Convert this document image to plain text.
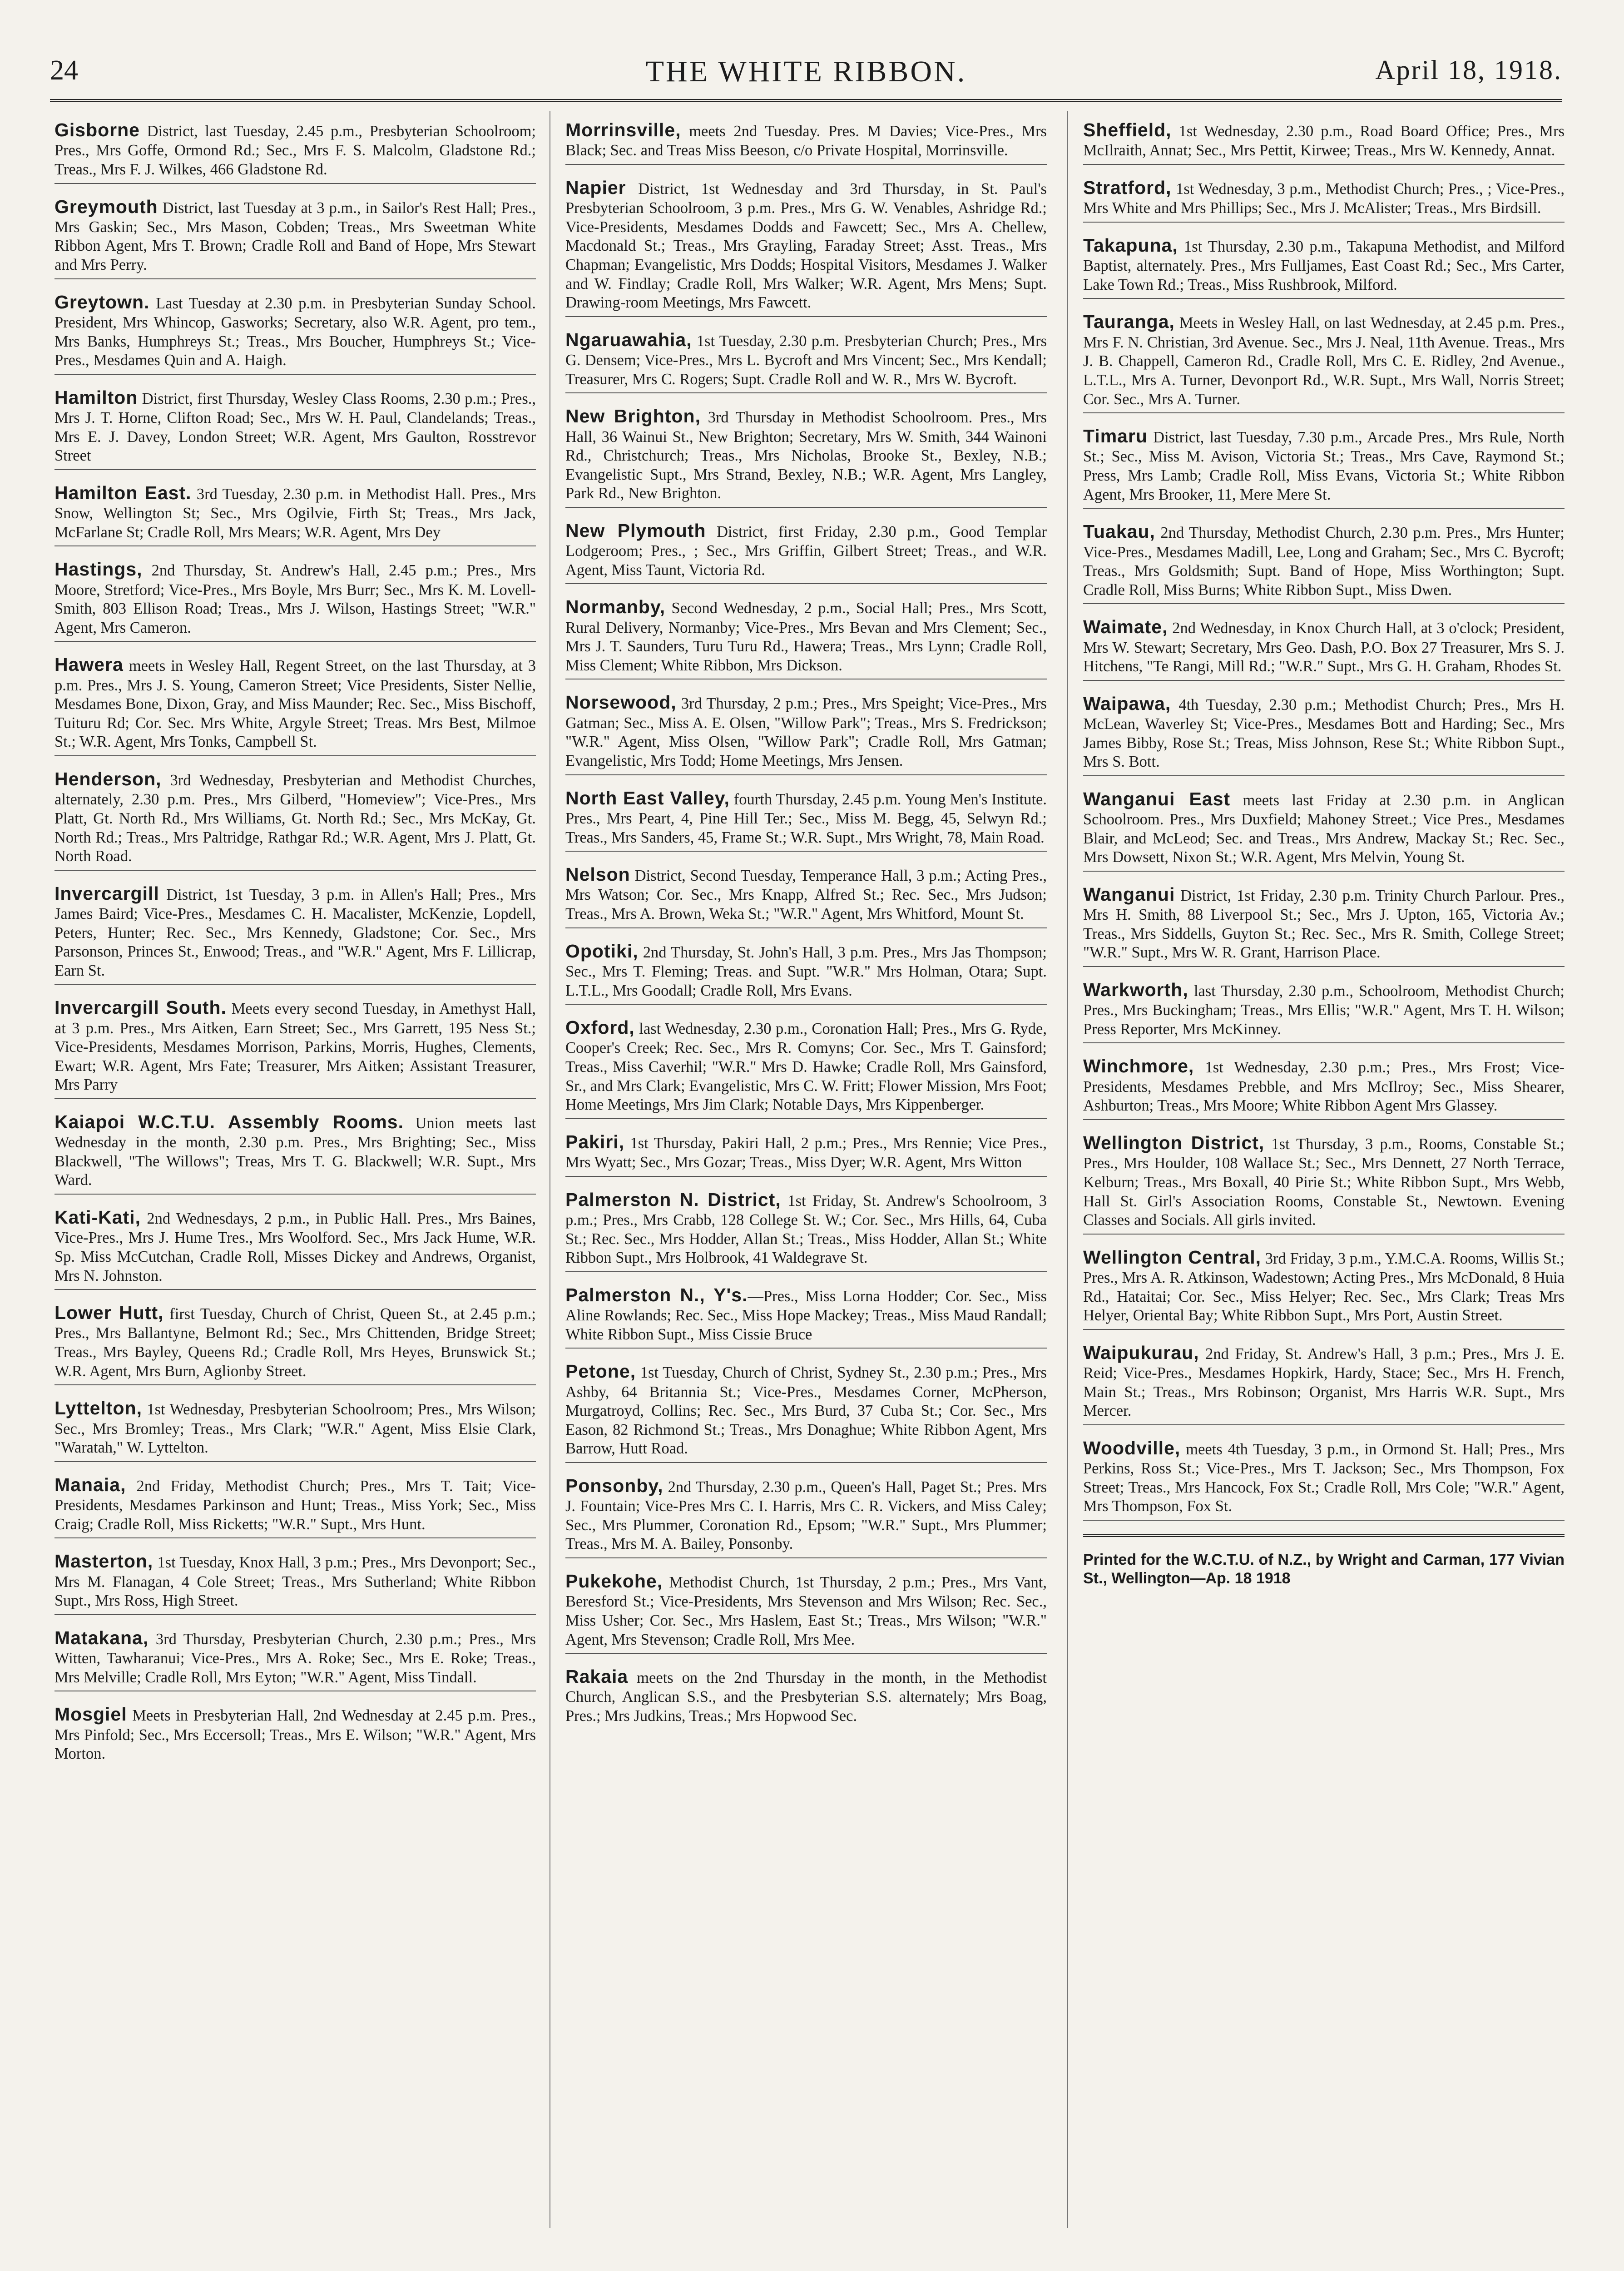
24	THE WHITE RIBBON.	April 18, 1918.
Gisborne District, last Tuesday, 2.45 p.m., Presbyterian Schoolroom; Pres., Mrs Goffe, Ormond Rd.; Sec., Mrs F. S. Malcolm, Gladstone Rd.; Treas., Mrs F. J. Wilkes, 466 Gladstone Rd.
Greymouth District, last Tuesday at 3 p.m., in Sailor's Rest Hall; Pres., Mrs Gaskin; Sec., Mrs Mason, Cobden; Treas., Mrs Sweetman White Ribbon Agent, Mrs T. Brown; Cradle Roll and Band of Hope, Mrs Stewart and Mrs Perry.
Greytown. Last Tuesday at 2.30 p.m. in Presbyterian Sunday School. President, Mrs Whincop, Gasworks; Secretary, also W.R. Agent, pro tem., Mrs Banks, Humphreys St.; Treas., Mrs Boucher, Humphreys St.; Vice-Pres., Mesdames Quin and A. Haigh.
Hamilton District, first Thursday, Wesley Class Rooms, 2.30 p.m.; Pres., Mrs J. T. Horne, Clifton Road; Sec., Mrs W. H. Paul, Clandelands; Treas., Mrs E. J. Davey, London Street; W.R. Agent, Mrs Gaulton, Rosstrevor Street
Hamilton East. 3rd Tuesday, 2.30 p.m. in Methodist Hall. Pres., Mrs Snow, Wellington St; Sec., Mrs Ogilvie, Firth St; Treas., Mrs Jack, McFarlane St; Cradle Roll, Mrs Mears; W.R. Agent, Mrs Dey
Hastings, 2nd Thursday, St. Andrew's Hall, 2.45 p.m.; Pres., Mrs Moore, Stretford; Vice-Pres., Mrs Boyle, Mrs Burr; Sec., Mrs K. M. Lovell-Smith, 803 Ellison Road; Treas., Mrs J. Wilson, Hastings Street; "W.R." Agent, Mrs Cameron.
Hawera meets in Wesley Hall, Regent Street, on the last Thursday, at 3 p.m. Pres., Mrs J. S. Young, Cameron Street; Vice Presidents, Sister Nellie, Mesdames Bone, Dixon, Gray, and Miss Maunder; Rec. Sec., Miss Bischoff, Tuituru Rd; Cor. Sec. Mrs White, Argyle Street; Treas. Mrs Best, Milmoe St.; W.R. Agent, Mrs Tonks, Campbell St.
Henderson, 3rd Wednesday, Presbyterian and Methodist Churches, alternately, 2.30 p.m. Pres., Mrs Gilberd, "Homeview"; Vice-Pres., Mrs Platt, Gt. North Rd., Mrs Williams, Gt. North Rd.; Sec., Mrs McKay, Gt. North Rd.; Treas., Mrs Paltridge, Rathgar Rd.; W.R. Agent, Mrs J. Platt, Gt. North Road.
Invercargill District, 1st Tuesday, 3 p.m. in Allen's Hall; Pres., Mrs James Baird; Vice-Pres., Mesdames C. H. Macalister, McKenzie, Lopdell, Peters, Hunter; Rec. Sec., Mrs Kennedy, Gladstone; Cor. Sec., Mrs Parsonson, Princes St., Enwood; Treas., and "W.R." Agent, Mrs F. Lillicrap, Earn St.
Invercargill South. Meets every second Tuesday, in Amethyst Hall, at 3 p.m. Pres., Mrs Aitken, Earn Street; Sec., Mrs Garrett, 195 Ness St.; Vice-Presidents, Mesdames Morrison, Parkins, Morris, Hughes, Clements, Ewart; W.R. Agent, Mrs Fate; Treasurer, Mrs Aitken; Assistant Treasurer, Mrs Parry
Kaiapoi W.C.T.U. Assembly Rooms. Union meets last Wednesday in the month, 2.30 p.m. Pres., Mrs Brighting; Sec., Miss Blackwell, "The Willows"; Treas, Mrs T. G. Blackwell; W.R. Supt., Mrs Ward.
Kati-Kati, 2nd Wednesdays, 2 p.m., in Public Hall. Pres., Mrs Baines, Vice-Pres., Mrs J. Hume Tres., Mrs Woolford. Sec., Mrs Jack Hume, W.R. Sp. Miss McCutchan, Cradle Roll, Misses Dickey and Andrews, Organist, Mrs N. Johnston.
Lower Hutt, first Tuesday, Church of Christ, Queen St., at 2.45 p.m.; Pres., Mrs Ballantyne, Belmont Rd.; Sec., Mrs Chittenden, Bridge Street; Treas., Mrs Bayley, Queens Rd.; Cradle Roll, Mrs Heyes, Brunswick St.; W.R. Agent, Mrs Burn, Aglionby Street.
Lyttelton, 1st Wednesday, Presbyterian Schoolroom; Pres., Mrs Wilson; Sec., Mrs Bromley; Treas., Mrs Clark; "W.R." Agent, Miss Elsie Clark, "Waratah," W. Lyttelton.
Manaia, 2nd Friday, Methodist Church; Pres., Mrs T. Tait; Vice-Presidents, Mesdames Parkinson and Hunt; Treas., Miss York; Sec., Miss Craig; Cradle Roll, Miss Ricketts; "W.R." Supt., Mrs Hunt.
Masterton, 1st Tuesday, Knox Hall, 3 p.m.; Pres., Mrs Devonport; Sec., Mrs M. Flanagan, 4 Cole Street; Treas., Mrs Sutherland; White Ribbon Supt., Mrs Ross, High Street.
Matakana, 3rd Thursday, Presbyterian Church, 2.30 p.m.; Pres., Mrs Witten, Tawharanui; Vice-Pres., Mrs A. Roke; Sec., Mrs E. Roke; Treas., Mrs Melville; Cradle Roll, Mrs Eyton; "W.R." Agent, Miss Tindall.
Mosgiel Meets in Presbyterian Hall, 2nd Wednesday at 2.45 p.m. Pres., Mrs Pinfold; Sec., Mrs Eccersoll; Treas., Mrs E. Wilson; "W.R." Agent, Mrs Morton.
Morrinsville, meets 2nd Tuesday. Pres. M Davies; Vice-Pres., Mrs Black; Sec. and Treas Miss Beeson, c/o Private Hospital, Morrinsville.
Napier District, 1st Wednesday and 3rd Thursday, in St. Paul's Presbyterian Schoolroom, 3 p.m. Pres., Mrs G. W. Venables, Ashridge Rd.; Vice-Presidents, Mesdames Dodds and Fawcett; Sec., Mrs A. Chellew, Macdonald St.; Treas., Mrs Grayling, Faraday Street; Asst. Treas., Mrs Chapman; Evangelistic, Mrs Dodds; Hospital Visitors, Mesdames J. Walker and W. Findlay; Cradle Roll, Mrs Walker; W.R. Agent, Mrs Mens; Supt. Drawing-room Meetings, Mrs Fawcett.
Ngaruawahia, 1st Tuesday, 2.30 p.m. Presbyterian Church; Pres., Mrs G. Densem; Vice-Pres., Mrs L. Bycroft and Mrs Vincent; Sec., Mrs Kendall; Treasurer, Mrs C. Rogers; Supt. Cradle Roll and W. R., Mrs W. Bycroft.
New Brighton, 3rd Thursday in Methodist Schoolroom. Pres., Mrs Hall, 36 Wainui St., New Brighton; Secretary, Mrs W. Smith, 344 Wainoni Rd., Christchurch; Treas., Mrs Nicholas, Brooke St., Bexley, N.B.; Evangelistic Supt., Mrs Strand, Bexley, N.B.; W.R. Agent, Mrs Langley, Park Rd., New Brighton.
New Plymouth District, first Friday, 2.30 p.m., Good Templar Lodgeroom; Pres., ; Sec., Mrs Griffin, Gilbert Street; Treas., and W.R. Agent, Miss Taunt, Victoria Rd.
Normanby, Second Wednesday, 2 p.m., Social Hall; Pres., Mrs Scott, Rural Delivery, Normanby; Vice-Pres., Mrs Bevan and Mrs Clement; Sec., Mrs J. T. Saunders, Turu Turu Rd., Hawera; Treas., Mrs Lynn; Cradle Roll, Miss Clement; White Ribbon, Mrs Dickson.
Norsewood, 3rd Thursday, 2 p.m.; Pres., Mrs Speight; Vice-Pres., Mrs Gatman; Sec., Miss A. E. Olsen, "Willow Park"; Treas., Mrs S. Fredrickson; "W.R." Agent, Miss Olsen, "Willow Park"; Cradle Roll, Mrs Gatman; Evangelistic, Mrs Todd; Home Meetings, Mrs Jensen.
North East Valley, fourth Thursday, 2.45 p.m. Young Men's Institute. Pres., Mrs Peart, 4, Pine Hill Ter.; Sec., Miss M. Begg, 45, Selwyn Rd.; Treas., Mrs Sanders, 45, Frame St.; W.R. Supt., Mrs Wright, 78, Main Road.
Nelson District, Second Tuesday, Temperance Hall, 3 p.m.; Acting Pres., Mrs Watson; Cor. Sec., Mrs Knapp, Alfred St.; Rec. Sec., Mrs Judson; Treas., Mrs A. Brown, Weka St.; "W.R." Agent, Mrs Whitford, Mount St.
Opotiki, 2nd Thursday, St. John's Hall, 3 p.m. Pres., Mrs Jas Thompson; Sec., Mrs T. Fleming; Treas. and Supt. "W.R." Mrs Holman, Otara; Supt. L.T.L., Mrs Goodall; Cradle Roll, Mrs Evans.
Oxford, last Wednesday, 2.30 p.m., Coronation Hall; Pres., Mrs G. Ryde, Cooper's Creek; Rec. Sec., Mrs R. Comyns; Cor. Sec., Mrs T. Gainsford; Treas., Miss Caverhil; "W.R." Mrs D. Hawke; Cradle Roll, Mrs Gainsford, Sr., and Mrs Clark; Evangelistic, Mrs C. W. Fritt; Flower Mission, Mrs Foot; Home Meetings, Mrs Jim Clark; Notable Days, Mrs Kippenberger.
Pakiri, 1st Thursday, Pakiri Hall, 2 p.m.; Pres., Mrs Rennie; Vice Pres., Mrs Wyatt; Sec., Mrs Gozar; Treas., Miss Dyer; W.R. Agent, Mrs Witton
Palmerston N. District, 1st Friday, St. Andrew's Schoolroom, 3 p.m.; Pres., Mrs Crabb, 128 College St. W.; Cor. Sec., Mrs Hills, 64, Cuba St.; Rec. Sec., Mrs Hodder, Allan St.; Treas., Miss Hodder, Allan St.; White Ribbon Supt., Mrs Holbrook, 41 Waldegrave St.
Palmerston N., Y's.—Pres., Miss Lorna Hodder; Cor. Sec., Miss Aline Rowlands; Rec. Sec., Miss Hope Mackey; Treas., Miss Maud Randall; White Ribbon Supt., Miss Cissie Bruce
Petone, 1st Tuesday, Church of Christ, Sydney St., 2.30 p.m.; Pres., Mrs Ashby, 64 Britannia St.; Vice-Pres., Mesdames Corner, McPherson, Murgatroyd, Collins; Rec. Sec., Mrs Burd, 37 Cuba St.; Cor. Sec., Mrs Eason, 82 Richmond St.; Treas., Mrs Donaghue; White Ribbon Agent, Mrs Barrow, Hutt Road.
Ponsonby, 2nd Thursday, 2.30 p.m., Queen's Hall, Paget St.; Pres. Mrs J. Fountain; Vice-Pres Mrs C. I. Harris, Mrs C. R. Vickers, and Miss Caley; Sec., Mrs Plummer, Coronation Rd., Epsom; "W.R." Supt., Mrs Plummer; Treas., Mrs M. A. Bailey, Ponsonby.
Pukekohe, Methodist Church, 1st Thursday, 2 p.m.; Pres., Mrs Vant, Beresford St.; Vice-Presidents, Mrs Stevenson and Mrs Wilson; Rec. Sec., Miss Usher; Cor. Sec., Mrs Haslem, East St.; Treas., Mrs Wilson; "W.R." Agent, Mrs Stevenson; Cradle Roll, Mrs Mee.
Rakaia meets on the 2nd Thursday in the month, in the Methodist Church, Anglican S.S., and the Presbyterian S.S. alternately; Mrs Boag, Pres.; Mrs Judkins, Treas.; Mrs Hopwood Sec.
Sheffield, 1st Wednesday, 2.30 p.m., Road Board Office; Pres., Mrs McIlraith, Annat; Sec., Mrs Pettit, Kirwee; Treas., Mrs W. Kennedy, Annat.
Stratford, 1st Wednesday, 3 p.m., Methodist Church; Pres., ; Vice-Pres., Mrs White and Mrs Phillips; Sec., Mrs J. McAlister; Treas., Mrs Birdsill.
Takapuna, 1st Thursday, 2.30 p.m., Takapuna Methodist, and Milford Baptist, alternately. Pres., Mrs Fulljames, East Coast Rd.; Sec., Mrs Carter, Lake Town Rd.; Treas., Miss Rushbrook, Milford.
Tauranga, Meets in Wesley Hall, on last Wednesday, at 2.45 p.m. Pres., Mrs F. N. Christian, 3rd Avenue. Sec., Mrs J. Neal, 11th Avenue. Treas., Mrs J. B. Chappell, Cameron Rd., Cradle Roll, Mrs C. E. Ridley, 2nd Avenue., L.T.L., Mrs A. Turner, Devonport Rd., W.R. Supt., Mrs Wall, Norris Street; Cor. Sec., Mrs A. Turner.
Timaru District, last Tuesday, 7.30 p.m., Arcade Pres., Mrs Rule, North St.; Sec., Miss M. Avison, Victoria St.; Treas., Mrs Cave, Raymond St.; Press, Mrs Lamb; Cradle Roll, Miss Evans, Victoria St.; White Ribbon Agent, Mrs Brooker, 11, Mere Mere St.
Tuakau, 2nd Thursday, Methodist Church, 2.30 p.m. Pres., Mrs Hunter; Vice-Pres., Mesdames Madill, Lee, Long and Graham; Sec., Mrs C. Bycroft; Treas., Mrs Goldsmith; Supt. Band of Hope, Miss Worthington; Supt. Cradle Roll, Miss Burns; White Ribbon Supt., Miss Dwen.
Waimate, 2nd Wednesday, in Knox Church Hall, at 3 o'clock; President, Mrs W. Stewart; Secretary, Mrs Geo. Dash, P.O. Box 27 Treasurer, Mrs S. J. Hitchens, "Te Rangi, Mill Rd.; "W.R." Supt., Mrs G. H. Graham, Rhodes St.
Waipawa, 4th Tuesday, 2.30 p.m.; Methodist Church; Pres., Mrs H. McLean, Waverley St; Vice-Pres., Mesdames Bott and Harding; Sec., Mrs James Bibby, Rose St.; Treas, Miss Johnson, Rese St.; White Ribbon Supt., Mrs S. Bott.
Wanganui East meets last Friday at 2.30 p.m. in Anglican Schoolroom. Pres., Mrs Duxfield; Mahoney Street.; Vice Pres., Mesdames Blair, and McLeod; Sec. and Treas., Mrs Andrew, Mackay St.; Rec. Sec., Mrs Dowsett, Nixon St.; W.R. Agent, Mrs Melvin, Young St.
Wanganui District, 1st Friday, 2.30 p.m. Trinity Church Parlour. Pres., Mrs H. Smith, 88 Liverpool St.; Sec., Mrs J. Upton, 165, Victoria Av.; Treas., Mrs Siddells, Guyton St.; Rec. Sec., Mrs R. Smith, College Street; "W.R." Supt., Mrs W. R. Grant, Harrison Place.
Warkworth, last Thursday, 2.30 p.m., Schoolroom, Methodist Church; Pres., Mrs Buckingham; Treas., Mrs Ellis; "W.R." Agent, Mrs T. H. Wilson; Press Reporter, Mrs McKinney.
Winchmore, 1st Wednesday, 2.30 p.m.; Pres., Mrs Frost; Vice-Presidents, Mesdames Prebble, and Mrs McIlroy; Sec., Miss Shearer, Ashburton; Treas., Mrs Moore; White Ribbon Agent Mrs Glassey.
Wellington District, 1st Thursday, 3 p.m., Rooms, Constable St.; Pres., Mrs Houlder, 108 Wallace St.; Sec., Mrs Dennett, 27 North Terrace, Kelburn; Treas., Mrs Boxall, 40 Pirie St.; White Ribbon Supt., Mrs Webb, Hall St. Girl's Association Rooms, Constable St., Newtown. Evening Classes and Socials. All girls invited.
Wellington Central, 3rd Friday, 3 p.m., Y.M.C.A. Rooms, Willis St.; Pres., Mrs A. R. Atkinson, Wadestown; Acting Pres., Mrs McDonald, 8 Huia Rd., Hataitai; Cor. Sec., Miss Helyer; Rec. Sec., Mrs Clark; Treas Mrs Helyer, Oriental Bay; White Ribbon Supt., Mrs Port, Austin Street.
Waipukurau, 2nd Friday, St. Andrew's Hall, 3 p.m.; Pres., Mrs J. E. Reid; Vice-Pres., Mesdames Hopkirk, Hardy, Stace; Sec., Mrs H. French, Main St.; Treas., Mrs Robinson; Organist, Mrs Harris W.R. Supt., Mrs Mercer.
Woodville, meets 4th Tuesday, 3 p.m., in Ormond St. Hall; Pres., Mrs Perkins, Ross St.; Vice-Pres., Mrs T. Jackson; Sec., Mrs Thompson, Fox Street; Treas., Mrs Hancock, Fox St.; Cradle Roll, Mrs Cole; "W.R." Agent, Mrs Thompson, Fox St.
Printed for the W.C.T.U. of N.Z., by Wright and Carman, 177 Vivian St., Wellington—Ap. 18 1918
